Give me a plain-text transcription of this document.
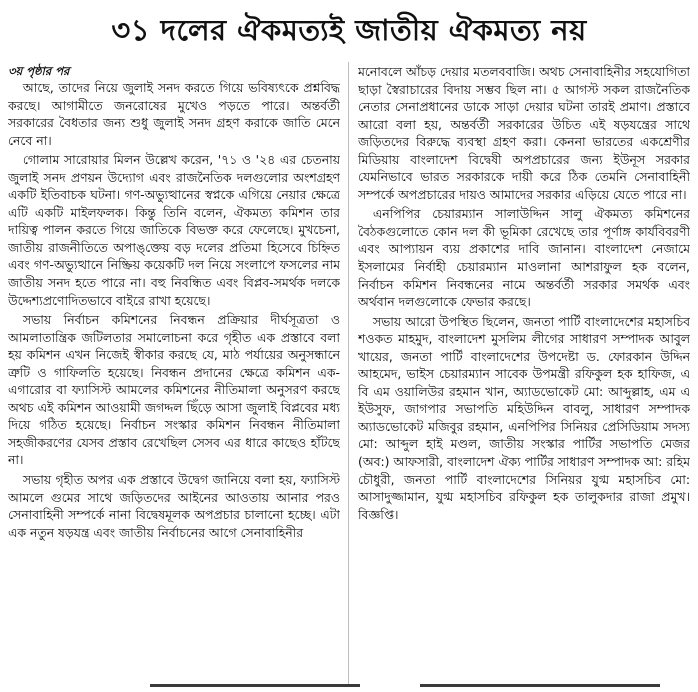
৩১ দলের ঐকমত্যই জাতীয় ঐকমত্য নয়
৩য় পৃষ্ঠার পর

আছে, তাদের নিয়ে জুলাই সনদ করতে গিয়ে ভবিষ্যৎকে প্রশ্নবিদ্ধ করছে। আগামীতে জনরোষের মুখেও পড়তে পারে। অন্তর্বর্তী সরকারের বৈধতার জন্য শুধু জুলাই সনদ গ্রহণ করাকে জাতি মেনে নেবে না।

গোলাম সারোয়ার মিলন উল্লেখ করেন, '৭১ ও '২৪ এর চেতনায় জুলাই সনদ প্রণয়ন উদ্যোগ এবং রাজনৈতিক দলগুলোর অংশগ্রহণ একটি ইতিবাচক ঘটনা। গণ-অভ্যুত্থানের স্বপ্নকে এগিয়ে নেয়ার ক্ষেত্রে এটি একটি মাইলফলক। কিন্তু তিনি বলেন, ঐকমত্য কমিশন তার দায়িত্ব পালন করতে গিয়ে জাতিকে বিভক্ত করে ফেলেছে। মুখচেনা, জাতীয় রাজনীতিতে অপাঙ্‌ক্তেয় বড় দলের প্রতিমা হিসেবে চিহ্নিত এবং গণ-অভ্যুত্থানে নিষ্ক্রিয় কয়েকটি দল নিয়ে সংলাপে ফসলের নাম জাতীয় সনদ হতে পারে না। বহু নিবন্ধিত এবং বিপ্লব-সমর্থক দলকে উদ্দেশ্যপ্রণোদিতভাবে বাইরে রাখা হয়েছে।

সভায় নির্বাচন কমিশনের নিবন্ধন প্রক্রিয়ার দীর্ঘসূত্রতা ও আমলাতান্ত্রিক জটিলতার সমালোচনা করে গৃহীত এক প্রস্তাবে বলা হয় কমিশন এখন নিজেই স্বীকার করছে যে, মাঠ পর্যায়ের অনুসন্ধানে ত্রুটি ও গাফিলতি হয়েছে। নিবন্ধন প্রদানের ক্ষেত্রে কমিশন এক-এগারোর বা ফ্যাসিস্ট আমলের কমিশনের নীতিমালা অনুসরণ করছে অথচ এই কমিশন আওয়ামী জগদ্দল ছিঁড়ে আসা জুলাই বিপ্লবের মধ্য দিয়ে গঠিত হয়েছে। নির্বাচন সংস্কার কমিশন নিবন্ধন নীতিমালা সহজীকরণের যেসব প্রস্তাব রেখেছিল সেসব এর ধারে কাছেও হাঁটছে না।

সভায় গৃহীত অপর এক প্রস্তাবে উদ্বেগ জানিয়ে বলা হয়, ফ্যাসিস্ট আমলে গুমের সাথে জড়িতদের আইনের আওতায় আনার পরও সেনাবাহিনী সম্পর্কে নানা বিদ্বেষমূলক অপপ্রচার চালানো হচ্ছে। এটা এক নতুন ষড়যন্ত্র এবং জাতীয় নির্বাচনের আগে সেনাবাহিনীর

মনোবলে আঁচড় দেয়ার মতলববাজি। অথচ সেনাবাহিনীর সহযোগিতা ছাড়া স্বৈরাচারের বিদায় সম্ভব ছিল না। ৫ আগস্ট সকল রাজনৈতিক নেতার সেনাপ্রধানের ডাকে সাড়া দেয়ার ঘটনা তারই প্রমাণ। প্রস্তাবে আরো বলা হয়, অন্তর্বর্তী সরকারের উচিত এই ষড়যন্ত্রের সাথে জড়িতদের বিরুদ্ধে ব্যবস্থা গ্রহণ করা। কেননা ভারতের একশ্রেণীর মিডিয়ায় বাংলাদেশ বিদ্বেষী অপপ্রচারের জন্য ইউনূস সরকার যেমনিভাবে ভারত সরকারকে দায়ী করে ঠিক তেমনি সেনাবাহিনী সম্পর্কে অপপ্রচারের দায়ও আমাদের সরকার এড়িয়ে যেতে পারে না।

এনপিপির চেয়ারম্যান সালাউদ্দিন সালু ঐকমত্য কমিশনের বৈঠকগুলোতে কোন দল কী ভূমিকা রেখেছে তার পূর্ণাঙ্গ কার্যবিবরণী এবং আপ্যায়ন ব্যয় প্রকাশের দাবি জানান। বাংলাদেশ নেজামে ইসলামের নির্বাহী চেয়ারম্যান মাওলানা আশরাফুল হক বলেন, নির্বাচন কমিশন নিবন্ধনের নামে অন্তর্বর্তী সরকার সমর্থক এবং অর্থবান দলগুলোকে ফেভার করছে।

সভায় আরো উপস্থিত ছিলেন, জনতা পার্টি বাংলাদেশের মহাসচিব শওকত মাহমুদ, বাংলাদেশ মুসলিম লীগের সাধারণ সম্পাদক আবুল খায়ের, জনতা পার্টি বাংলাদেশের উপদেষ্টা ড. ফোরকান উদ্দিন আহমেদ, ভাইস চেয়ারম্যান সাবেক উপমন্ত্রী রফিকুল হক হাফিজ, এ বি এম ওয়ালিউর রহমান খান, অ্যাডভোকেট মো: আব্দুল্লাহ, এম এ ইউসুফ, জাগপার সভাপতি মহিউদ্দিন বাবলু, সাধারণ সম্পাদক অ্যাডভোকেট মজিবুর রহমান, এনপিপির সিনিয়র প্রেসিডিয়াম সদস্য মো: আব্দুল হাই মণ্ডল, জাতীয় সংস্কার পার্টির সভাপতি মেজর (অব:) আফসারী, বাংলাদেশ ঐক্য পার্টির সাধারণ সম্পাদক আ: রহিম চৌধুরী, জনতা পার্টি বাংলাদেশের সিনিয়র যুগ্ম মহাসচিব মো: আসাদুজ্জামান, যুগ্ম মহাসচিব রফিকুল হক তালুকদার রাজা প্রমুখ। বিজ্ঞপ্তি।
